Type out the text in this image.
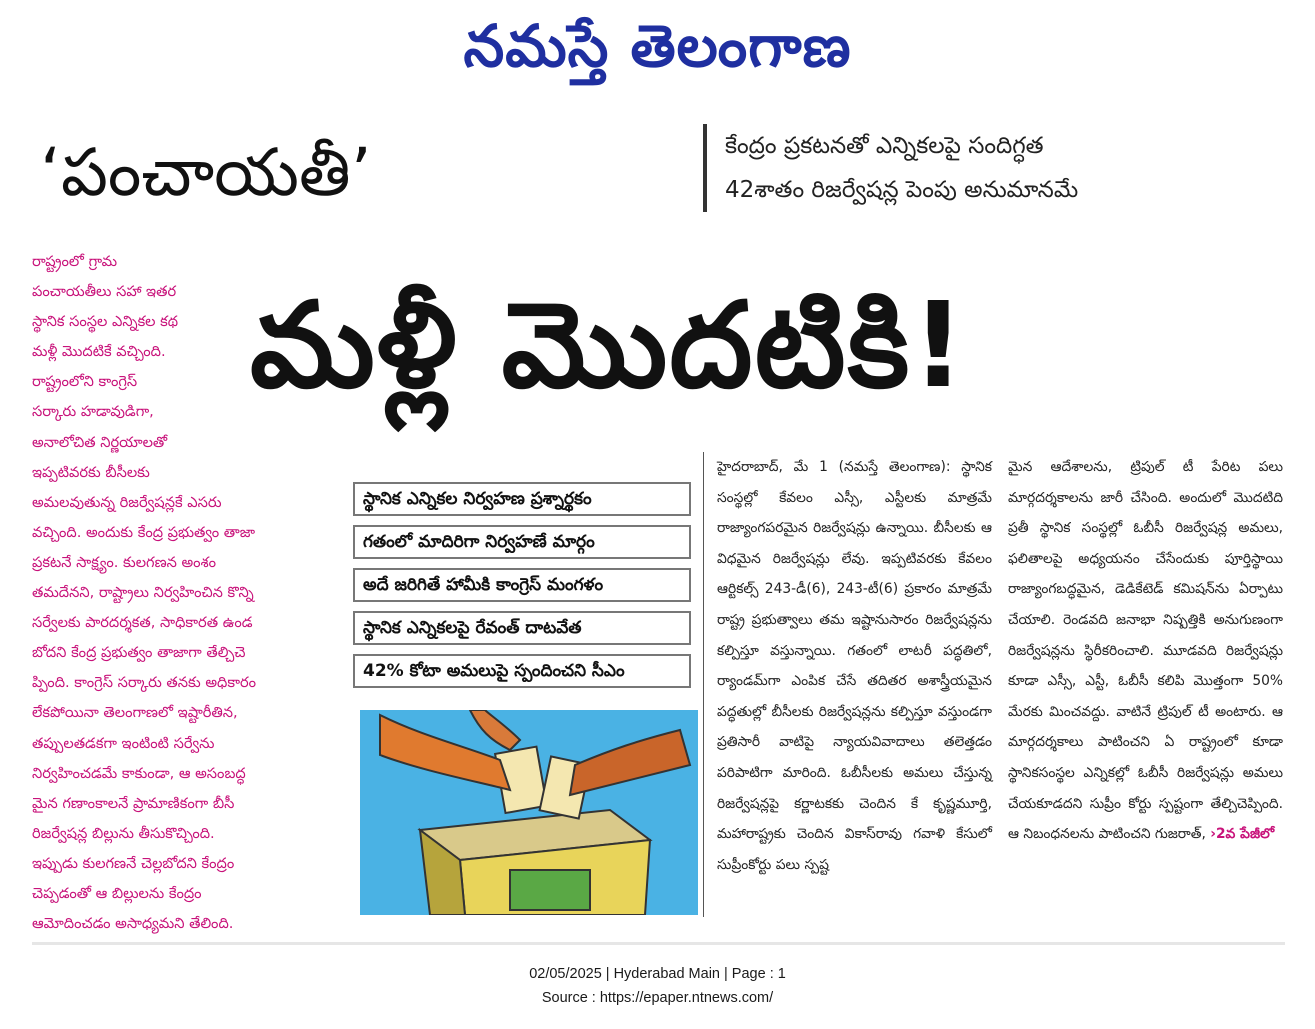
నమస్తే తెలంగాణ
‘పంచాయతీ’	కేంద్రం ప్రకటనతో ఎన్నికలపై సందిగ్ధత
42శాతం రిజర్వేషన్ల పెంపు అనుమానమే
మళ్లీ మొదటికి!
రాష్ట్రంలో గ్రామ
పంచాయతీలు సహా ఇతర
స్థానిక సంస్థల ఎన్నికల కథ
మళ్లీ మొదటికే వచ్చింది.
రాష్ట్రంలోని కాంగ్రెస్
సర్కారు హడావుడిగా,
అనాలోచిత నిర్ణయాలతో
ఇప్పటివరకు బీసీలకు
అమలవుతున్న రిజర్వేషన్లకే ఎసరు
వచ్చింది. అందుకు కేంద్ర ప్రభుత్వం తాజా
ప్రకటనే సాక్ష్యం. కులగణన అంశం
తమదేనని, రాష్ట్రాలు నిర్వహించిన కొన్ని
సర్వేలకు పారదర్శకత, సాధికారత ఉండ
బోదని కేంద్ర ప్రభుత్వం తాజాగా తేల్చిచె
ప్పింది. కాంగ్రెస్ సర్కారు తనకు అధికారం
లేకపోయినా తెలంగాణలో ఇష్టారీతిన,
తప్పులతడకగా ఇంటింటి సర్వేను
నిర్వహించడమే కాకుండా, ఆ అసంబద్ధ
మైన గణాంకాలనే ప్రామాణికంగా బీసీ
రిజర్వేషన్ల బిల్లును తీసుకొచ్చింది.
ఇప్పుడు కులగణనే చెల్లబోదని కేంద్రం
చెప్పడంతో ఆ బిల్లులను కేంద్రం
ఆమోదించడం అసాధ్యమని తేలింది.
స్థానిక ఎన్నికల నిర్వహణ ప్రశ్నార్థకం
గతంలో మాదిరిగా నిర్వహణే మార్గం
అదే జరిగితే హామీకి కాంగ్రెస్ మంగళం
స్థానిక ఎన్నికలపై రేవంత్ దాటవేత
42% కోటా అమలుపై స్పందించని సీఎం
హైదరాబాద్, మే 1 (నమస్తే తెలంగాణ): స్థానిక సంస్థల్లో కేవలం ఎస్సీ, ఎస్టీలకు మాత్రమే రాజ్యాంగపరమైన రిజర్వేషన్లు ఉన్నాయి. బీసీలకు ఆ విధమైన రిజర్వేషన్లు లేవు. ఇప్పటివరకు కేవలం ఆర్టికల్స్ 243-డీ(6), 243-టీ(6) ప్రకారం మాత్రమే రాష్ట్ర ప్రభుత్వాలు తమ ఇష్టానుసారం రిజర్వేషన్లను కల్పిస్తూ వస్తున్నాయి. గతంలో లాటరీ పద్ధతిలో, ర్యాండమ్‌గా ఎంపిక చేసే తదితర అశాస్త్రీయమైన పద్ధతుల్లో బీసీలకు రిజర్వేషన్లను కల్పిస్తూ వస్తుండగా ప్రతిసారీ వాటిపై న్యాయవివాదాలు తలెత్తడం పరిపాటిగా మారింది. ఓబీసీలకు అమలు చేస్తున్న రిజర్వేషన్లపై కర్ణాటకకు చెందిన కే కృష్ణమూర్తి, మహారాష్ట్రకు చెందిన వికాస్‌రావు గవాళి కేసులో సుప్రీంకోర్టు పలు స్పష్ట
మైన ఆదేశాలను, ట్రిపుల్ టీ పేరిట పలు మార్గదర్శకాలను జారీ చేసింది. అందులో మొదటిది ప్రతీ స్థానిక సంస్థల్లో ఓబీసీ రిజర్వేషన్ల అమలు, ఫలితాలపై అధ్యయనం చేసేందుకు పూర్తిస్థాయి రాజ్యాంగబద్ధమైన, డెడికేటెడ్ కమిషన్‌ను ఏర్పాటు చేయాలి. రెండవది జనాభా నిష్పత్తికి అనుగుణంగా రిజర్వేషన్లను స్థిరీకరించాలి. మూడవది రిజర్వేషన్లు కూడా ఎస్సీ, ఎస్టీ, ఓబీసీ కలిపి మొత్తంగా 50% మేరకు మించవద్దు. వాటినే ట్రిపుల్ టీ అంటారు. ఆ మార్గదర్శకాలు పాటించని ఏ రాష్ట్రంలో కూడా స్థానికసంస్థల ఎన్నికల్లో ఓబీసీ రిజర్వేషన్లు అమలు చేయకూడదని సుప్రీం కోర్టు స్పష్టంగా తేల్చిచెప్పింది. ఆ నిబంధనలను పాటించని గుజరాత్, ›2వ పేజీలో
02/05/2025 | Hyderabad Main | Page : 1
Source : https://epaper.ntnews.com/
